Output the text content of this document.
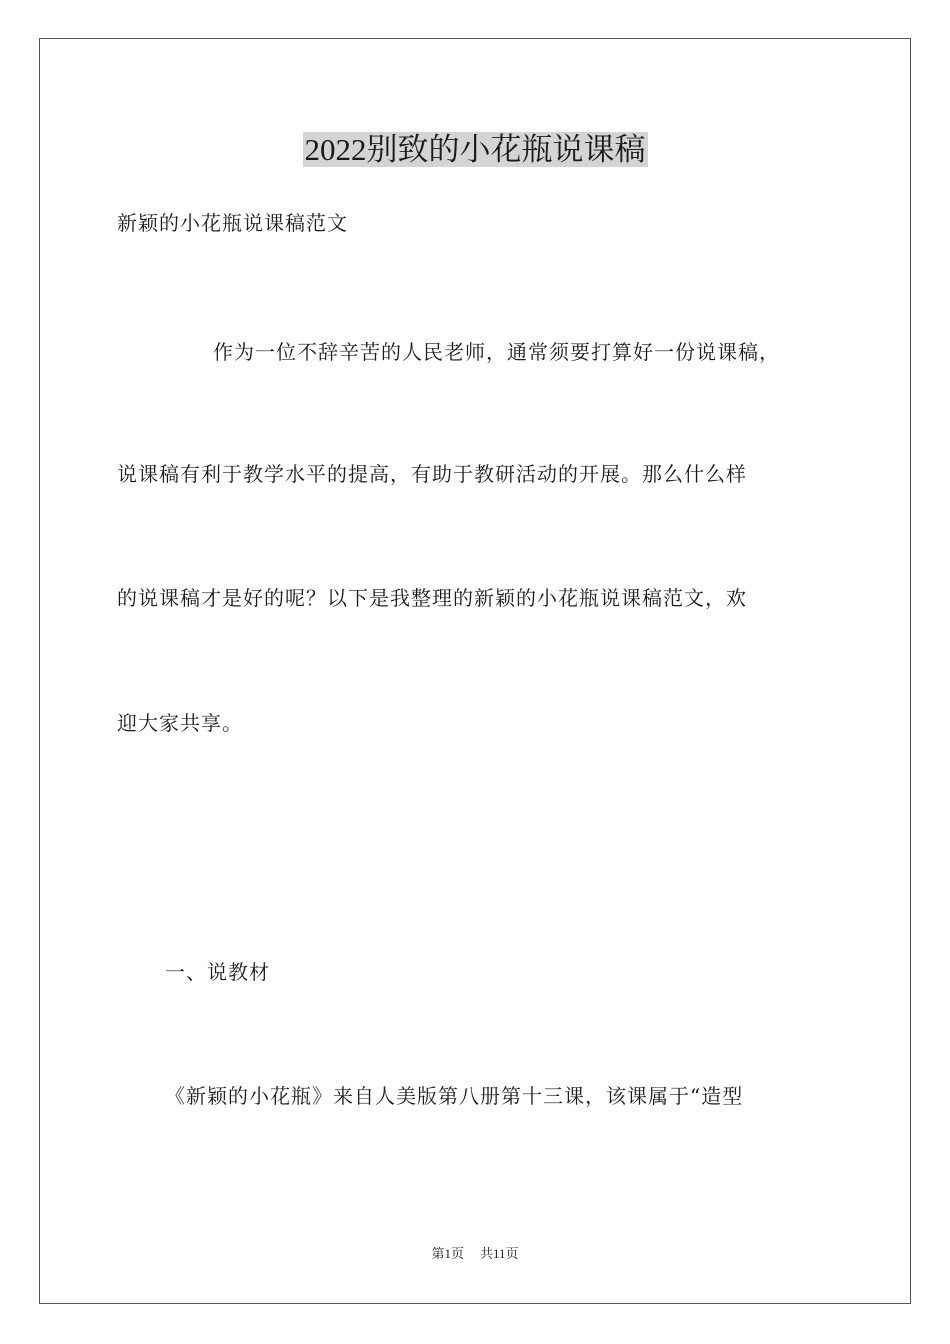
2022别致的小花瓶说课稿

新颖的小花瓶说课稿范文

作为一位不辞辛苦的人民老师，通常须要打算好一份说课稿，

说课稿有利于教学水平的提高，有助于教研活动的开展。那么什么样

的说课稿才是好的呢？以下是我整理的新颖的小花瓶说课稿范文，欢

迎大家共享。

一、说教材

《新颖的小花瓶》来自人美版第八册第十三课，该课属于“造型

第1页 共11页
